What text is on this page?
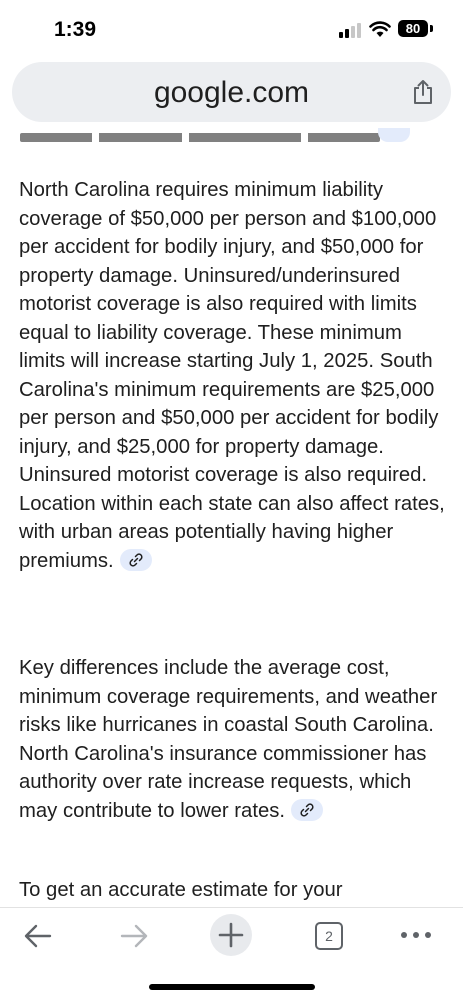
1:39	80
google.com

North Carolina requires minimum liability coverage of $50,000 per person and $100,000 per accident for bodily injury, and $50,000 for property damage. Uninsured/underinsured motorist coverage is also required with limits equal to liability coverage. These minimum limits will increase starting July 1, 2025. South Carolina's minimum requirements are $25,000 per person and $50,000 per accident for bodily injury, and $25,000 for property damage. Uninsured motorist coverage is also required. Location within each state can also affect rates, with urban areas potentially having higher premiums.

Key differences include the average cost, minimum coverage requirements, and weather risks like hurricanes in coastal South Carolina. North Carolina's insurance commissioner has authority over rate increase requests, which may contribute to lower rates.

To get an accurate estimate for your

2
